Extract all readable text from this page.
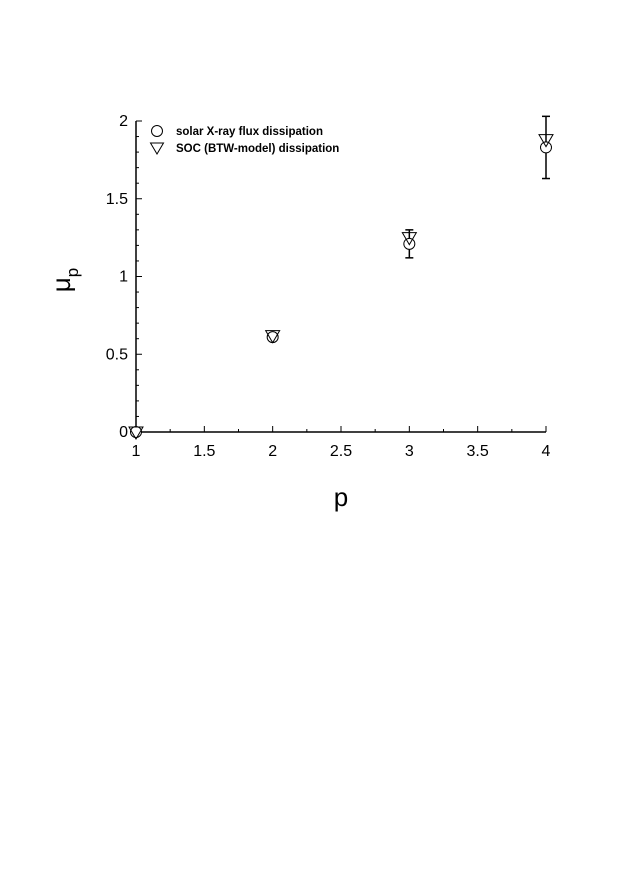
1	1.5	2	2.5	3	3.5	4
0
0.5
1
1.5
2
p
$\mu_p$
solar X-ray flux dissipation
SOC (BTW-model) dissipation
